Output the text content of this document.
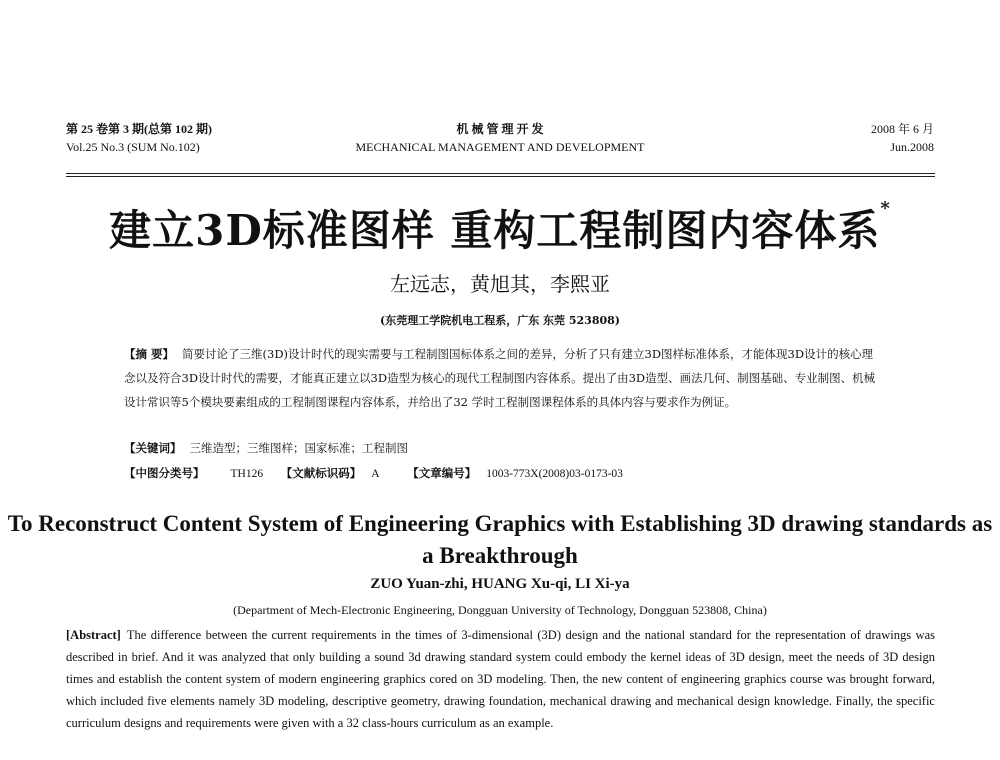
第 25 卷第 3 期(总第 102 期)
Vol.25 No.3 (SUM No.102)
机 械 管 理 开 发
MECHANICAL MANAGEMENT AND DEVELOPMENT
2008 年 6 月
Jun.2008
建立3D标准图样 重构工程制图内容体系*
左远志，黄旭其，李熙亚
(东莞理工学院机电工程系，广东 东莞 523808)
【摘 要】 简要讨论了三维(3D)设计时代的现实需要与工程制图国标体系之间的差异，分析了只有建立3D图样标准体系，才能体现3D设计的核心理念以及符合3D设计时代的需要，才能真正建立以3D造型为核心的现代工程制图内容体系。提出了由3D造型、画法几何、制图基础、专业制图、机械设计常识等5个模块要素组成的工程制图课程内容体系，并给出了32 学时工程制图课程体系的具体内容与要求作为例证。
【关键词】 三维造型；三维图样；国家标准；工程制图
【中图分类号】 TH126 【文献标识码】 A 【文章编号】 1003-773X(2008)03-0173-03
To Reconstruct Content System of Engineering Graphics with Establishing 3D drawing standards as a Breakthrough
ZUO Yuan-zhi, HUANG Xu-qi, LI Xi-ya
(Department of Mech-Electronic Engineering, Dongguan University of Technology, Dongguan 523808, China)
[Abstract] The difference between the current requirements in the times of 3-dimensional (3D) design and the national standard for the representation of drawings was described in brief. And it was analyzed that only building a sound 3d drawing standard system could embody the kernel ideas of 3D design, meet the needs of 3D design times and establish the content system of modern engineering graphics cored on 3D modeling. Then, the new content of engineering graphics course was brought forward, which included five elements namely 3D modeling, descriptive geometry, drawing foundation, mechanical drawing and mechanical design knowledge. Finally, the specific curriculum designs and requirements were given with a 32 class-hours curriculum as an example.
